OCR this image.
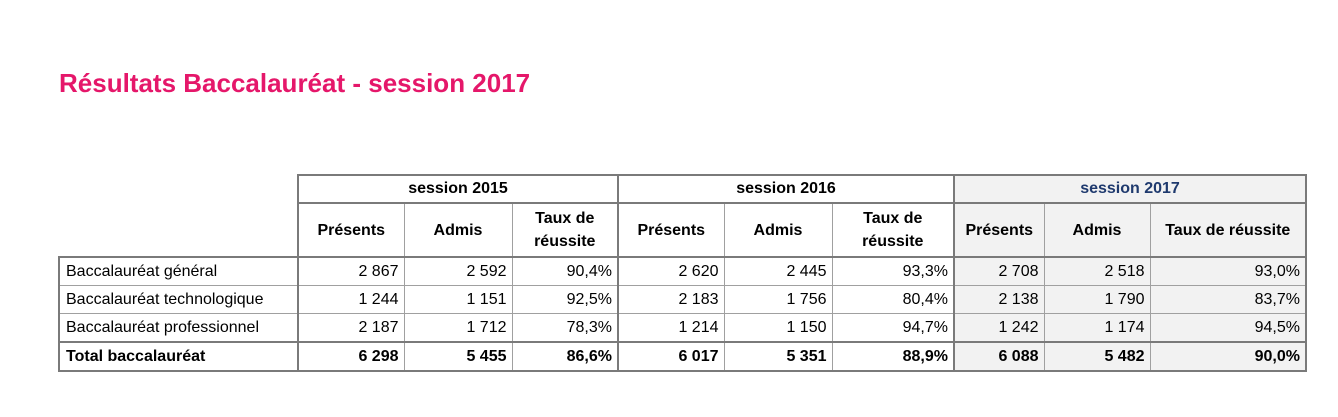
Résultats Baccalauréat - session 2017
	session 2015			session 2016			session 2017		
	Présents	Admis	Taux de réussite	Présents	Admis	Taux de réussite	Présents	Admis	Taux de réussite
Baccalauréat général	2 867	2 592	90,4%	2 620	2 445	93,3%	2 708	2 518	93,0%
Baccalauréat technologique	1 244	1 151	92,5%	2 183	1 756	80,4%	2 138	1 790	83,7%
Baccalauréat professionnel	2 187	1 712	78,3%	1 214	1 150	94,7%	1 242	1 174	94,5%
Total baccalauréat	6 298	5 455	86,6%	6 017	5 351	88,9%	6 088	5 482	90,0%
